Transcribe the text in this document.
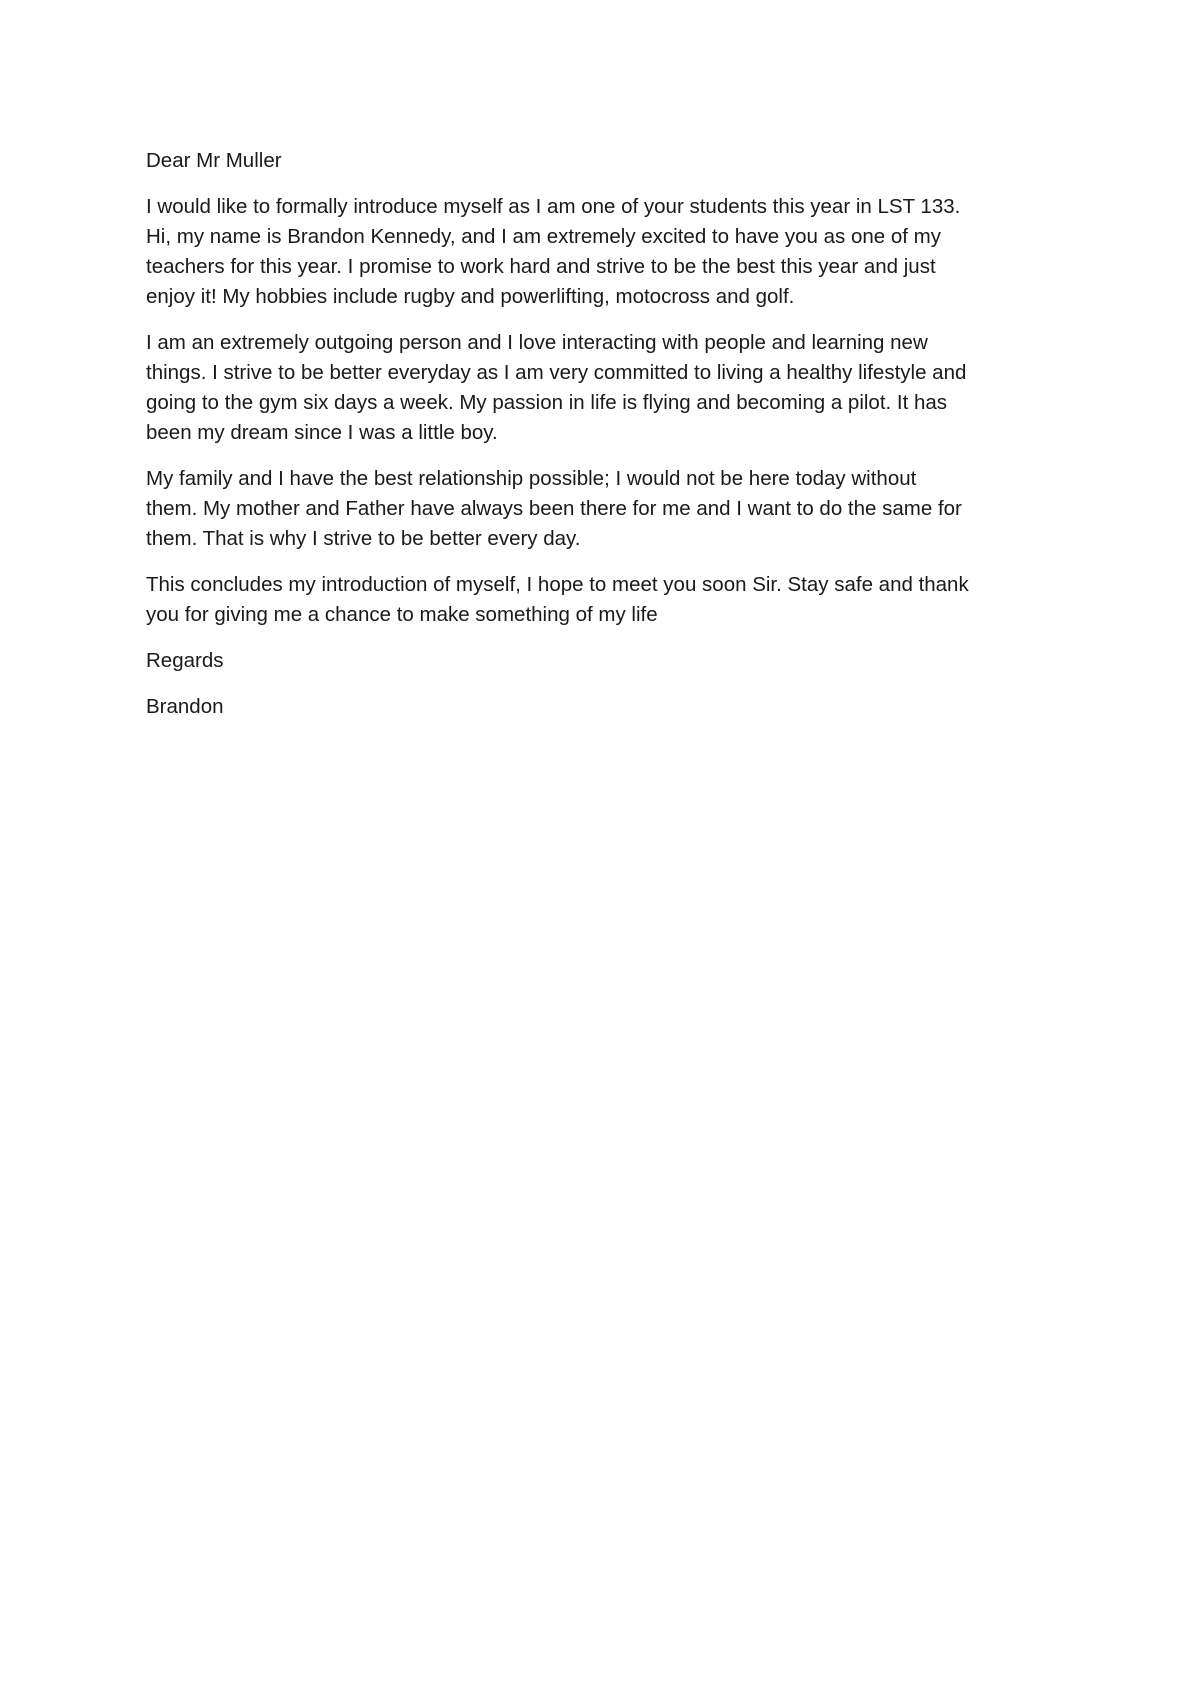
Dear Mr Muller

I would like to formally introduce myself as I am one of your students this year in LST 133.
Hi, my name is Brandon Kennedy, and I am extremely excited to have you as one of my
teachers for this year. I promise to work hard and strive to be the best this year and just
enjoy it! My hobbies include rugby and powerlifting, motocross and golf.

I am an extremely outgoing person and I love interacting with people and learning new
things. I strive to be better everyday as I am very committed to living a healthy lifestyle and
going to the gym six days a week. My passion in life is flying and becoming a pilot. It has
been my dream since I was a little boy.

My family and I have the best relationship possible; I would not be here today without
them. My mother and Father have always been there for me and I want to do the same for
them. That is why I strive to be better every day.

This concludes my introduction of myself, I hope to meet you soon Sir. Stay safe and thank
you for giving me a chance to make something of my life

Regards

Brandon
